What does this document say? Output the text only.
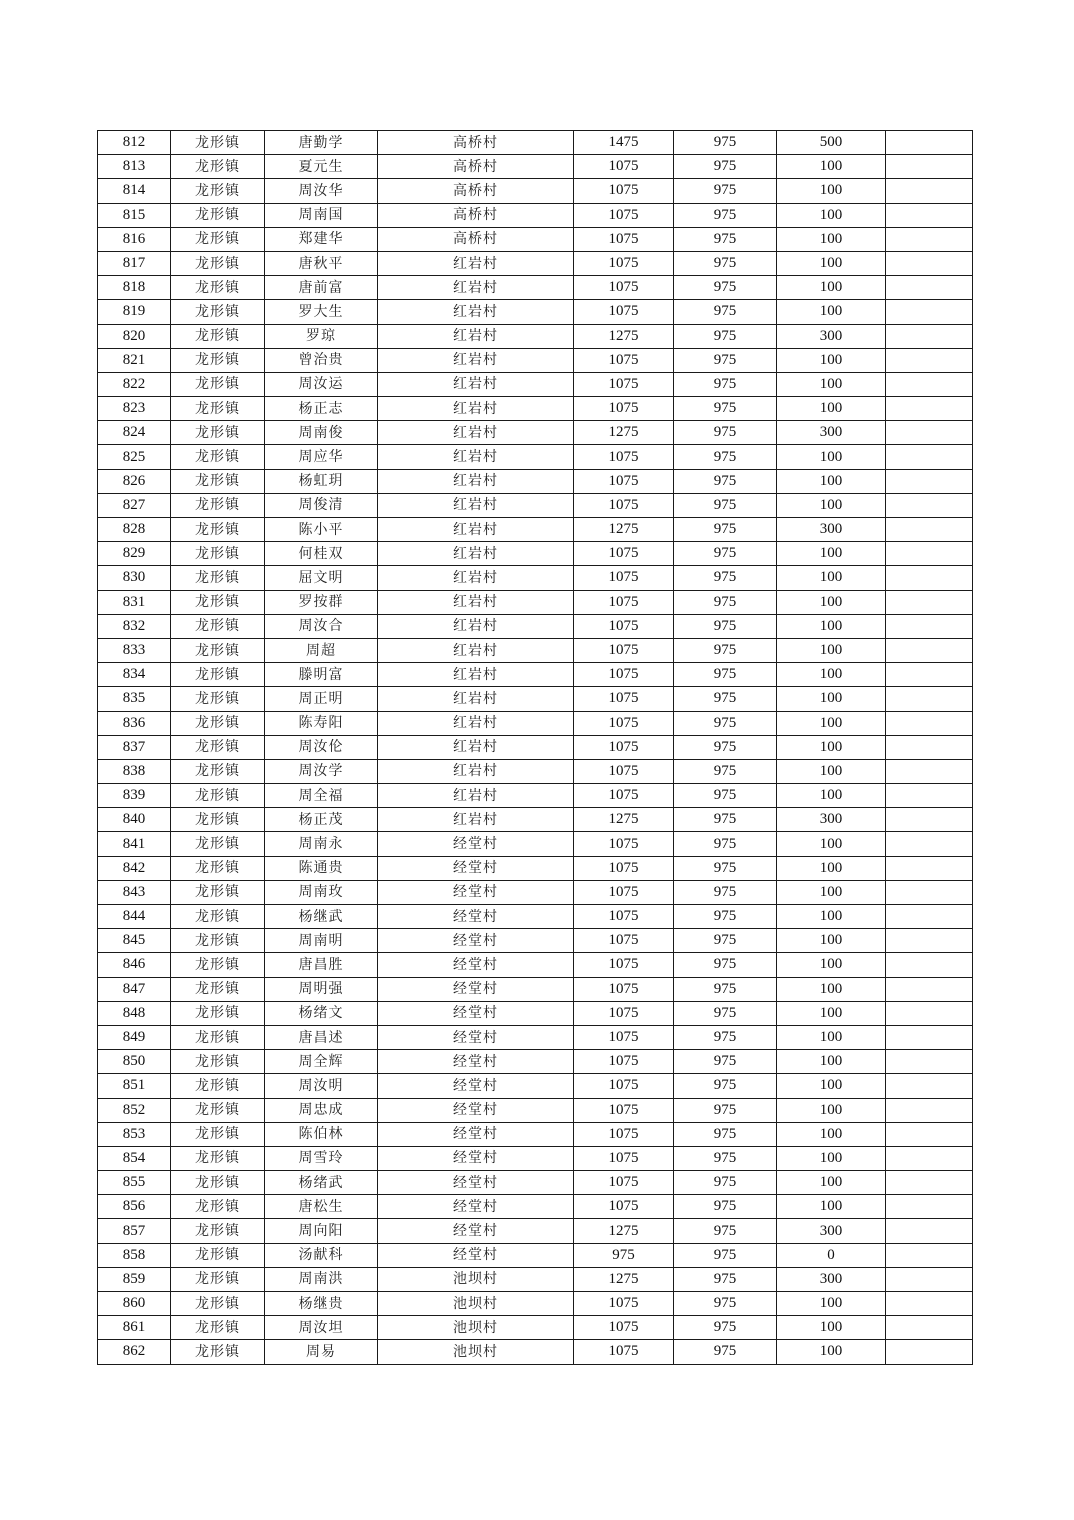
812	龙形镇	唐勤学	高桥村	1475	975	500	
813	龙形镇	夏元生	高桥村	1075	975	100	
814	龙形镇	周汝华	高桥村	1075	975	100	
815	龙形镇	周南国	高桥村	1075	975	100	
816	龙形镇	郑建华	高桥村	1075	975	100	
817	龙形镇	唐秋平	红岩村	1075	975	100	
818	龙形镇	唐前富	红岩村	1075	975	100	
819	龙形镇	罗大生	红岩村	1075	975	100	
820	龙形镇	罗琼	红岩村	1275	975	300	
821	龙形镇	曾治贵	红岩村	1075	975	100	
822	龙形镇	周汝运	红岩村	1075	975	100	
823	龙形镇	杨正志	红岩村	1075	975	100	
824	龙形镇	周南俊	红岩村	1275	975	300	
825	龙形镇	周应华	红岩村	1075	975	100	
826	龙形镇	杨虹玥	红岩村	1075	975	100	
827	龙形镇	周俊清	红岩村	1075	975	100	
828	龙形镇	陈小平	红岩村	1275	975	300	
829	龙形镇	何桂双	红岩村	1075	975	100	
830	龙形镇	屈文明	红岩村	1075	975	100	
831	龙形镇	罗按群	红岩村	1075	975	100	
832	龙形镇	周汝合	红岩村	1075	975	100	
833	龙形镇	周超	红岩村	1075	975	100	
834	龙形镇	滕明富	红岩村	1075	975	100	
835	龙形镇	周正明	红岩村	1075	975	100	
836	龙形镇	陈寿阳	红岩村	1075	975	100	
837	龙形镇	周汝伦	红岩村	1075	975	100	
838	龙形镇	周汝学	红岩村	1075	975	100	
839	龙形镇	周全福	红岩村	1075	975	100	
840	龙形镇	杨正茂	红岩村	1275	975	300	
841	龙形镇	周南永	经堂村	1075	975	100	
842	龙形镇	陈通贵	经堂村	1075	975	100	
843	龙形镇	周南玫	经堂村	1075	975	100	
844	龙形镇	杨继武	经堂村	1075	975	100	
845	龙形镇	周南明	经堂村	1075	975	100	
846	龙形镇	唐昌胜	经堂村	1075	975	100	
847	龙形镇	周明强	经堂村	1075	975	100	
848	龙形镇	杨绪文	经堂村	1075	975	100	
849	龙形镇	唐昌述	经堂村	1075	975	100	
850	龙形镇	周全辉	经堂村	1075	975	100	
851	龙形镇	周汝明	经堂村	1075	975	100	
852	龙形镇	周忠成	经堂村	1075	975	100	
853	龙形镇	陈伯林	经堂村	1075	975	100	
854	龙形镇	周雪玲	经堂村	1075	975	100	
855	龙形镇	杨绪武	经堂村	1075	975	100	
856	龙形镇	唐松生	经堂村	1075	975	100	
857	龙形镇	周向阳	经堂村	1275	975	300	
858	龙形镇	汤献科	经堂村	975	975	0	
859	龙形镇	周南洪	池坝村	1275	975	300	
860	龙形镇	杨继贵	池坝村	1075	975	100	
861	龙形镇	周汝坦	池坝村	1075	975	100	
862	龙形镇	周易	池坝村	1075	975	100	
